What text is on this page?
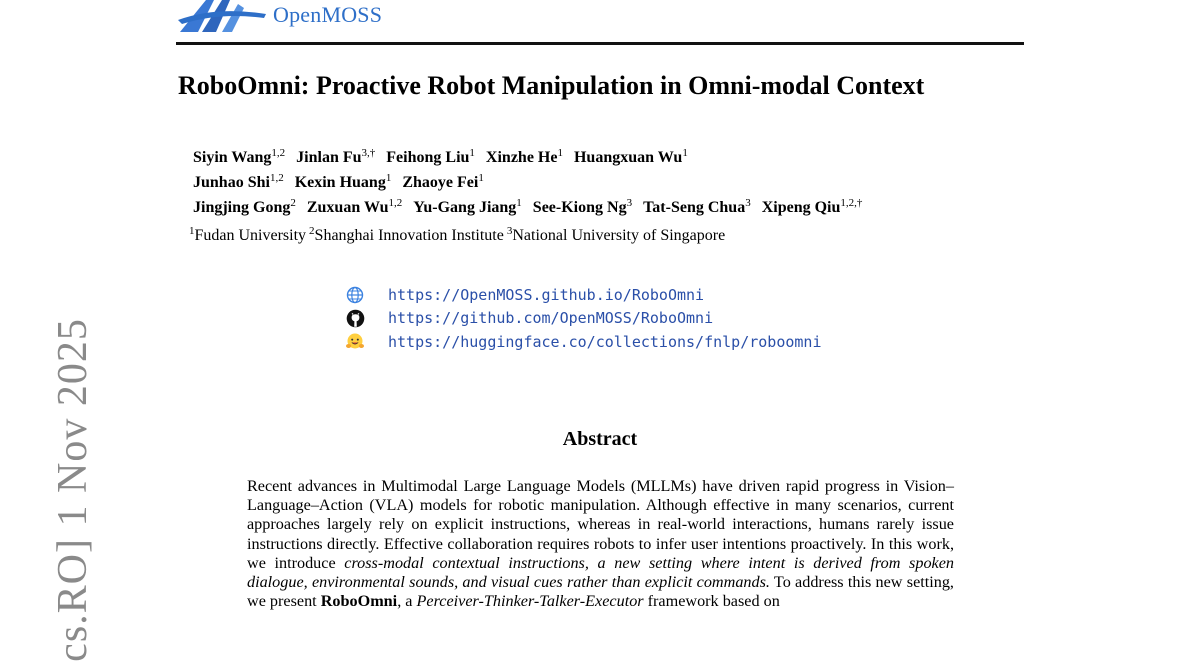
OpenMOSS
RoboOmni: Proactive Robot Manipulation in Omni-modal Context
Siyin Wang$^{1,2}$ Jinlan $Fu^{3,\dagger}$ Feihong Liu$^1$ Xinzhe He$^1$ Huangxuan Wu$^1$
Junhao Shi$^{1,2}$ Kexin Huang$^1$ Zhaoye Fei$^1$
Jingjing Gong$^2$ Zuxuan Wu$^{1,2}$ Yu-Gang Jiang$^1$ See-Kiong Ng$^3$ Tat-Seng Chua$^3$ Xipeng Qiu$^{1,2,\dagger}$
$^1$Fudan University $^2$Shanghai Innovation Institute $^3$National University of Singapore
https://OpenMOSS.github.io/RoboOmni
https://github.com/OpenMOSS/RoboOmni
https://huggingface.co/collections/fnlp/roboomni
cs.RO] 1 Nov 2025	Abstract
Recent advances in Multimodal Large Language Models (MLLMs) have driven rapid progress in Vision–Language–Action (VLA) models for robotic manipulation. Although effective in many scenarios, current approaches largely rely on explicit instructions, whereas in real-world interactions, humans rarely issue instructions directly. Effective collaboration requires robots to infer user intentions proactively. In this work, we introduce cross-modal contextual instructions, a new setting where intent is derived from spoken dialogue, environmental sounds, and visual cues rather than explicit commands. To address this new setting, we present RoboOmni, a Perceiver-Thinker-Talker-Executor framework based on
